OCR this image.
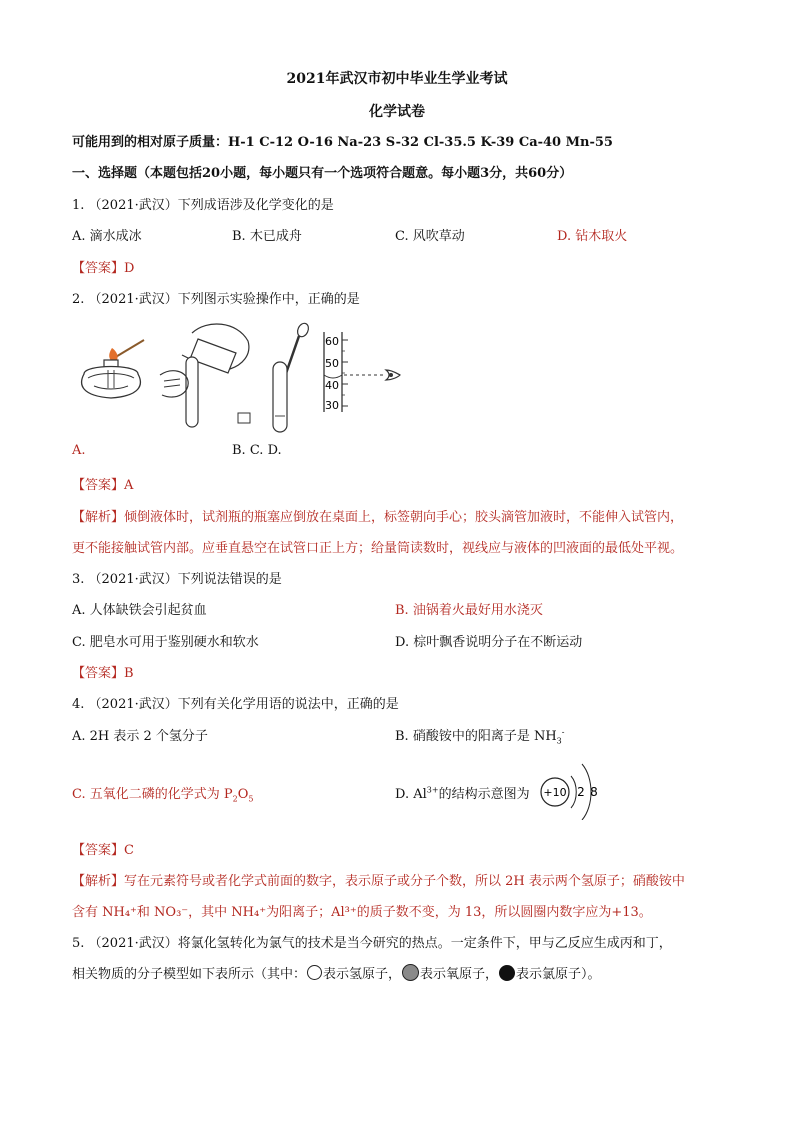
2021年武汉市初中毕业生学业考试
化学试卷
可能用到的相对原子质量：H-1 C-12 O-16 Na-23 S-32 Cl-35.5 K-39 Ca-40 Mn-55
一、选择题（本题包括20小题，每小题只有一个选项符合题意。每小题3分，共60分）
1. （2021·武汉）下列成语涉及化学变化的是
A. 滴水成冰	B. 木已成舟	C. 风吹草动	D. 钻木取火
【答案】D
2. （2021·武汉）下列图示实验操作中，正确的是
60
50
40
30
A.	B. C. D.
【答案】A
【解析】倾倒液体时，试剂瓶的瓶塞应倒放在桌面上，标签朝向手心；胶头滴管加液时，不能伸入试管内，
更不能接触试管内部。应垂直悬空在试管口正上方；给量筒读数时，视线应与液体的凹液面的最低处平视。
3. （2021·武汉）下列说法错误的是
A. 人体缺铁会引起贫血	B. 油锅着火最好用水浇灭
C. 肥皂水可用于鉴别硬水和软水	D. 棕叶飘香说明分子在不断运动
【答案】B
4. （2021·武汉）下列有关化学用语的说法中，正确的是
A. 2H 表示 2 个氢分子	B. 硝酸铵中的阳离子是 $NH_3^-$
C. 五氧化二磷的化学式为 $P_2O_5$	D. $Al^{3+}$的结构示意图为 +10 2 8
【答案】C
【解析】写在元素符号或者化学式前面的数字，表示原子或分子个数，所以 2H 表示两个氢原子；硝酸铵中
含有 NH₄⁺和 NO₃⁻，其中 NH₄⁺为阳离子；Al³⁺的质子数不变，为 13，所以圆圈内数字应为+13。
5. （2021·武汉）将氯化氢转化为氯气的技术是当今研究的热点。一定条件下，甲与乙反应生成丙和丁，
相关物质的分子模型如下表所示（其中： 表示氢原子， 表示氧原子， 表示氯原子）。
